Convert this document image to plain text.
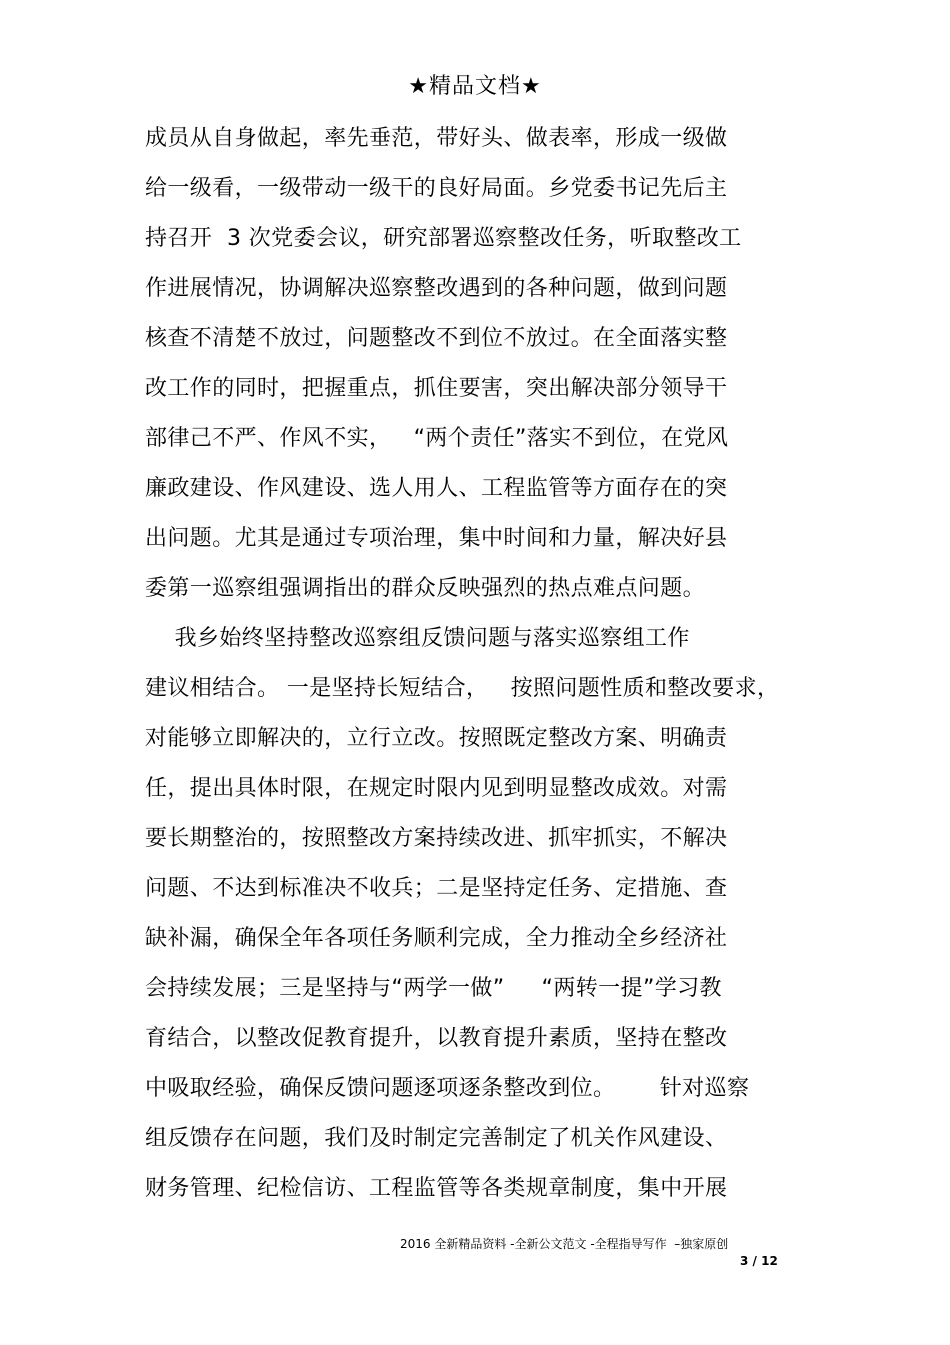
★精品文档★
成员从自身做起，率先垂范，带好头、做表率，形成一级做
给一级看，一级带动一级干的良好局面。乡党委书记先后主
持召开  3 次党委会议，研究部署巡察整改任务，听取整改工
作进展情况，协调解决巡察整改遇到的各种问题，做到问题
核查不清楚不放过，问题整改不到位不放过。在全面落实整
改工作的同时，把握重点，抓住要害，突出解决部分领导干
部律己不严、作风不实，   “两个责任”落实不到位，在党风
廉政建设、作风建设、选人用人、工程监管等方面存在的突
出问题。尤其是通过专项治理，集中时间和力量，解决好县
委第一巡察组强调指出的群众反映强烈的热点难点问题。
我乡始终坚持整改巡察组反馈问题与落实巡察组工作
建议相结合。 一是坚持长短结合，   按照问题性质和整改要求，
对能够立即解决的，立行立改。按照既定整改方案、明确责
任，提出具体时限，在规定时限内见到明显整改成效。对需
要长期整治的，按照整改方案持续改进、抓牢抓实，不解决
问题、不达到标准决不收兵；二是坚持定任务、定措施、查
缺补漏，确保全年各项任务顺利完成，全力推动全乡经济社
会持续发展；三是坚持与“两学一做”     “两转一提”学习教
育结合，以整改促教育提升，以教育提升素质，坚持在整改
中吸取经验，确保反馈问题逐项逐条整改到位。      针对巡察
组反馈存在问题，我们及时制定完善制定了机关作风建设、
财务管理、纪检信访、工程监管等各类规章制度，集中开展
2016 全新精品资料 -全新公文范文 -全程指导写作  –独家原创
3 / 12
